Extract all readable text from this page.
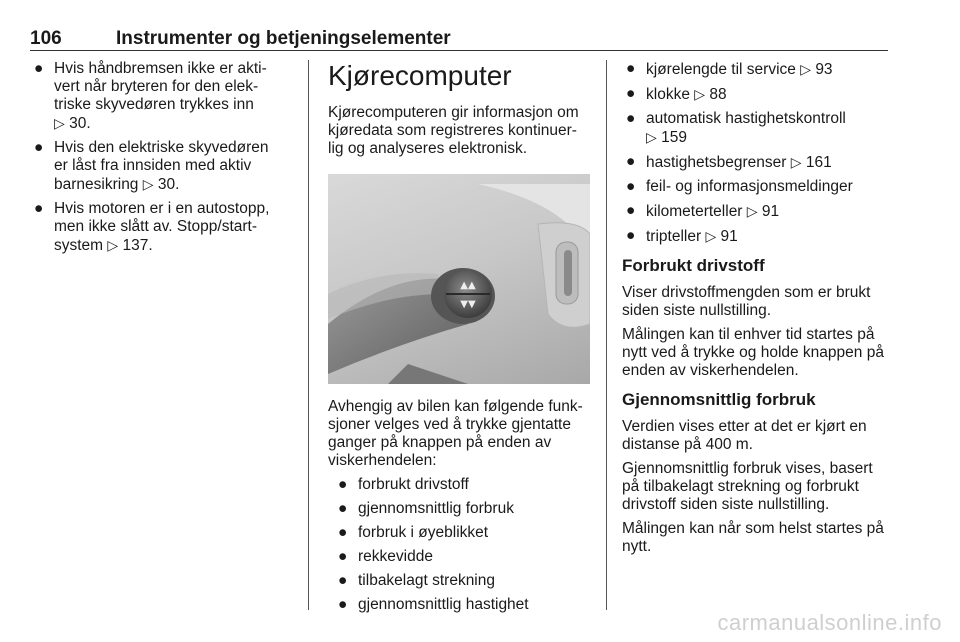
106	Instrumenter og betjeningselementer
● Hvis håndbremsen ikke er akti-
vert når bryteren for den elek-
triske skyvedøren trykkes inn
▷ 30.
● Hvis den elektriske skyvedøren
er låst fra innsiden med aktiv
barnesikring ▷ 30.
● Hvis motoren er i en autostopp,
men ikke slått av. Stopp/start-
system ▷ 137.
Kjørecomputer

Kjørecomputeren gir informasjon om
kjøredata som registreres kontinuer-
lig og analyseres elektronisk.

▲▲
▼▼

Avhengig av bilen kan følgende funk-
sjoner velges ved å trykke gjentatte
ganger på knappen på enden av
viskerhendelen:

● forbrukt drivstoff
● gjennomsnittlig forbruk
● forbruk i øyeblikket
● rekkevidde
● tilbakelagt strekning
● gjennomsnittlig hastighet
● kjørelengde til service ▷ 93
● klokke ▷ 88
● automatisk hastighetskontroll
▷ 159
● hastighetsbegrenser ▷ 161
● feil- og informasjonsmeldinger
● kilometerteller ▷ 91
● tripteller ▷ 91
Forbrukt drivstoff

Viser drivstoffmengden som er brukt
siden siste nullstilling.

Målingen kan til enhver tid startes på
nytt ved å trykke og holde knappen på
enden av viskerhendelen.

Gjennomsnittlig forbruk

Verdien vises etter at det er kjørt en
distanse på 400 m.

Gjennomsnittlig forbruk vises, basert
på tilbakelagt strekning og forbrukt
drivstoff siden siste nullstilling.

Målingen kan når som helst startes på
nytt.

carmanualsonline.info
